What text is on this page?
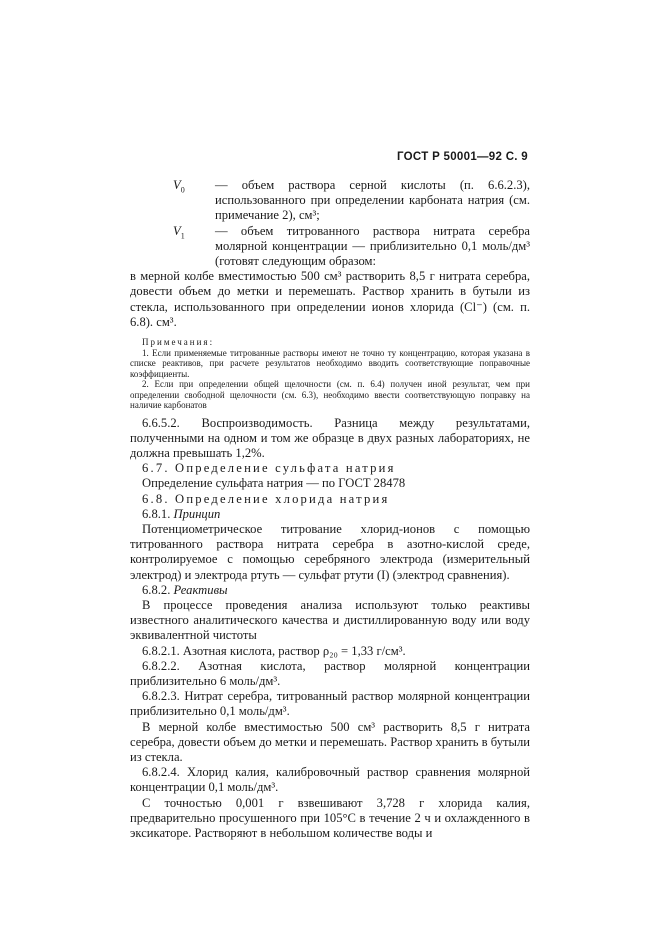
ГОСТ Р 50001—92 С. 9
$V_0$	— объем раствора серной кислоты (п. 6.6.2.3), использованного при определении карбоната натрия (см. примечание 2), см³;
$V_1$	— объем титрованного раствора нитрата серебра молярной концентрации — приблизительно 0,1 моль/дм³ (готовят следующим образом:

в мерной колбе вместимостью 500 см³ растворить 8,5 г нитрата серебра, довести объем до метки и перемешать. Раствор хранить в бутыли из стекла, использованного при определении ионов хлорида (Cl⁻) (см. п. 6.8). см³.

Примечания:
1. Если применяемые титрованные растворы имеют не точно ту концентрацию, которая указана в списке реактивов, при расчете результатов необходимо вводить соответствующие поправочные коэффициенты.
2. Если при определении общей щелочности (см. п. 6.4) получен иной результат, чем при определении свободной щелочности (см. 6.3), необходимо ввести соответствующую поправку на наличие карбонатов

6.6.5.2. Воспроизводимость. Разница между результатами, полученными на одном и том же образце в двух разных лабораториях, не должна превышать 1,2%.

6.7. Определение сульфата натрия

Определение сульфата натрия — по ГОСТ 28478

6.8. Определение хлорида натрия

6.8.1. Принцип

Потенциометрическое титрование хлорид-ионов с помощью титрованного раствора нитрата серебра в азотно-кислой среде, контролируемое с помощью серебряного электрода (измерительный электрод) и электрода ртуть — сульфат ртути (I) (электрод сравнения).

6.8.2. Реактивы

В процессе проведения анализа используют только реактивы известного аналитического качества и дистиллированную воду или воду эквивалентной чистоты

6.8.2.1. Азотная кислота, раствор ρ₂₀ = 1,33 г/см³.

6.8.2.2. Азотная кислота, раствор молярной концентрации приблизительно 6 моль/дм³.

6.8.2.3. Нитрат серебра, титрованный раствор молярной концентрации приблизительно 0,1 моль/дм³.

В мерной колбе вместимостью 500 см³ растворить 8,5 г нитрата серебра, довести объем до метки и перемешать. Раствор хранить в бутыли из стекла.

6.8.2.4. Хлорид калия, калибровочный раствор сравнения молярной концентрации 0,1 моль/дм³.

С точностью 0,001 г взвешивают 3,728 г хлорида калия, предварительно просушенного при 105°С в течение 2 ч и охлажденного в эксикаторе. Растворяют в небольшом количестве воды и
